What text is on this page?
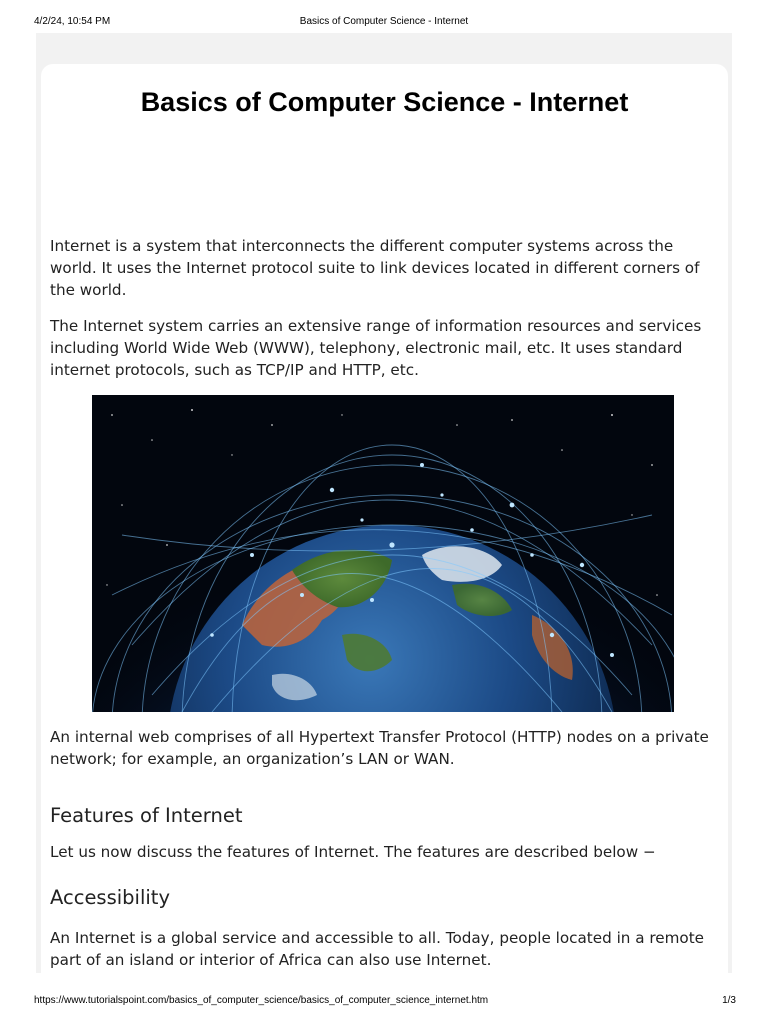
Basics of Computer Science - Internet
4/2/24, 10:54 PM
Basics of Computer Science - Internet

Internet is a system that interconnects the different computer systems across the world. It uses the Internet protocol suite to link devices located in different corners of the world.

The Internet system carries an extensive range of information resources and services including World Wide Web (WWW), telephony, electronic mail, etc. It uses standard internet protocols, such as TCP/IP and HTTP, etc.

An internal web comprises of all Hypertext Transfer Protocol (HTTP) nodes on a private network; for example, an organization’s LAN or WAN.

Features of Internet

Let us now discuss the features of Internet. The features are described below −

Accessibility

An Internet is a global service and accessible to all. Today, people located in a remote part of an island or interior of Africa can also use Internet.

https://www.tutorialspoint.com/basics_of_computer_science/basics_of_computer_science_internet.htm	1/3
